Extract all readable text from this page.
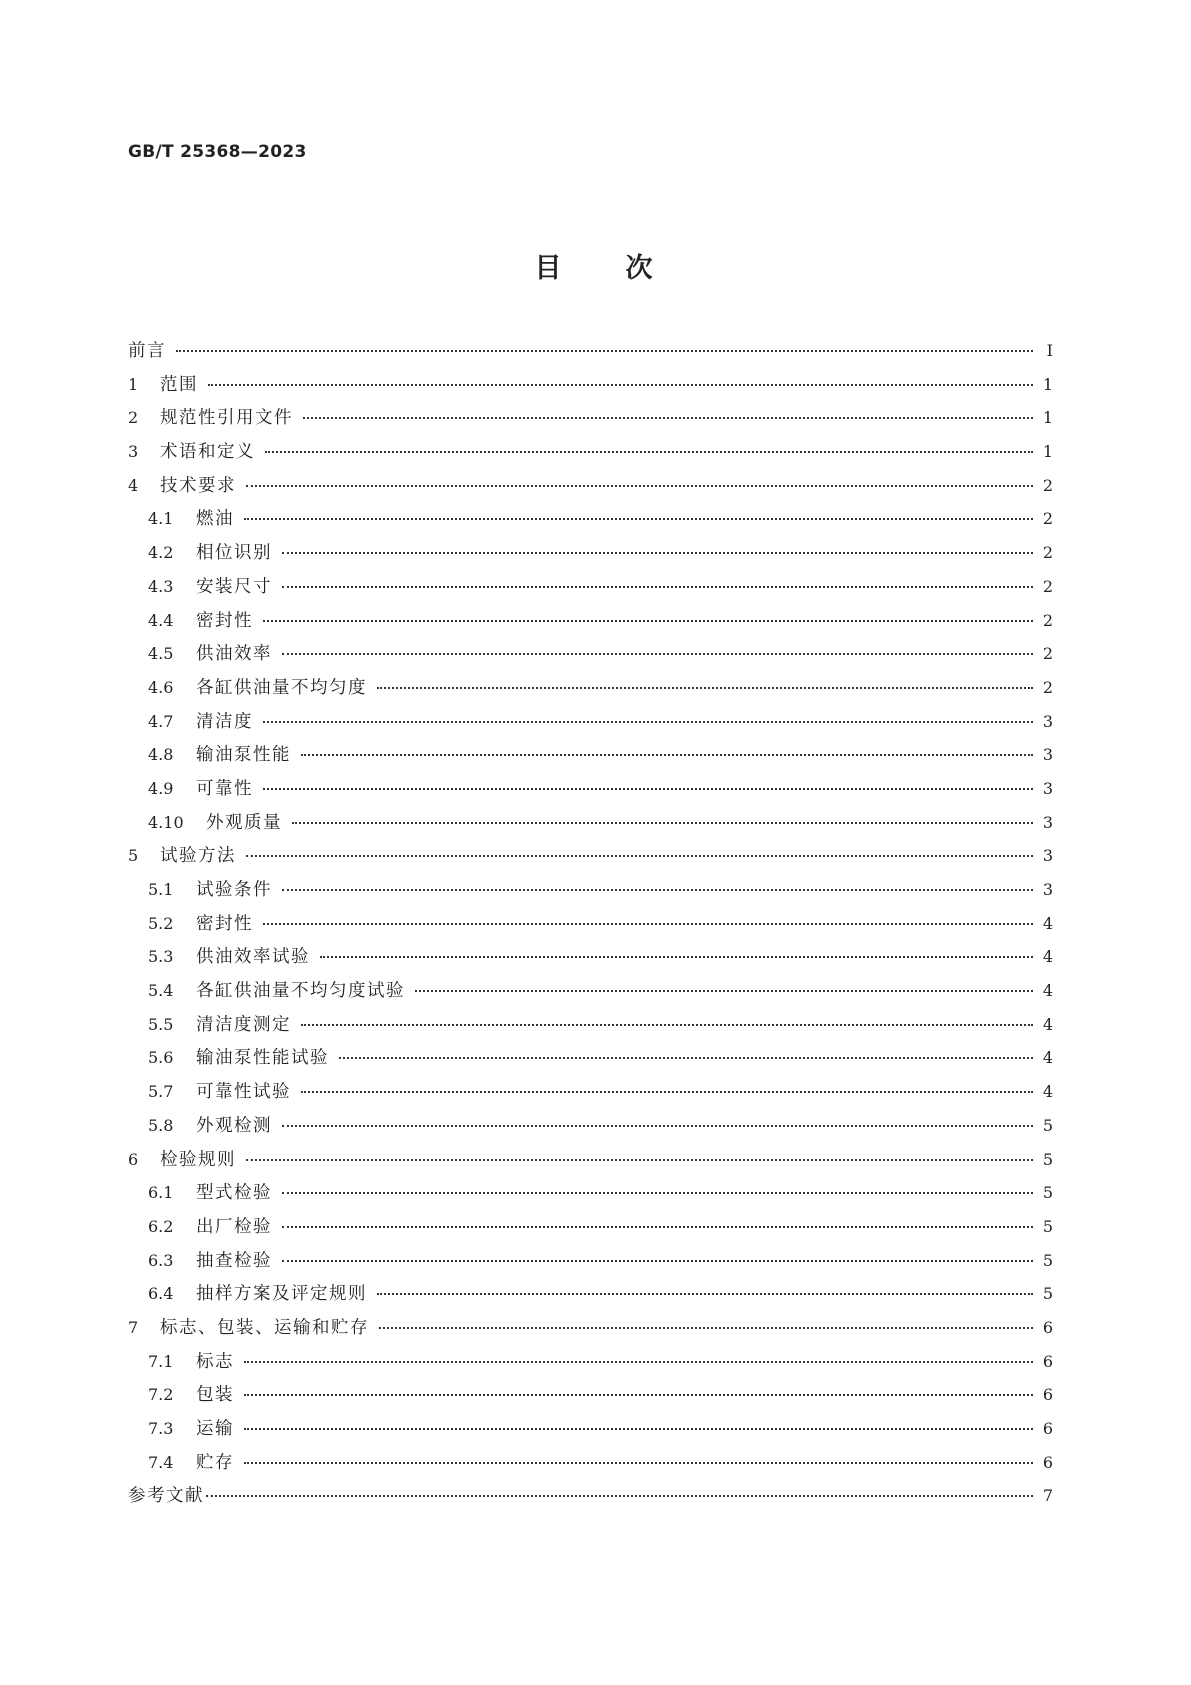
GB/T 25368—2023
目 次
前言	Ⅰ
1	范围	1
2	规范性引用文件	1
3	术语和定义	1
4	技术要求	2
4.1	燃油	2
4.2	相位识别	2
4.3	安装尺寸	2
4.4	密封性	2
4.5	供油效率	2
4.6	各缸供油量不均匀度	2
4.7	清洁度	3
4.8	输油泵性能	3
4.9	可靠性	3
4.10	外观质量	3
5	试验方法	3
5.1	试验条件	3
5.2	密封性	4
5.3	供油效率试验	4
5.4	各缸供油量不均匀度试验	4
5.5	清洁度测定	4
5.6	输油泵性能试验	4
5.7	可靠性试验	4
5.8	外观检测	5
6	检验规则	5
6.1	型式检验	5
6.2	出厂检验	5
6.3	抽查检验	5
6.4	抽样方案及评定规则	5
7	标志、包装、运输和贮存	6
7.1	标志	6
7.2	包装	6
7.3	运输	6
7.4	贮存	6
参考文献	7
